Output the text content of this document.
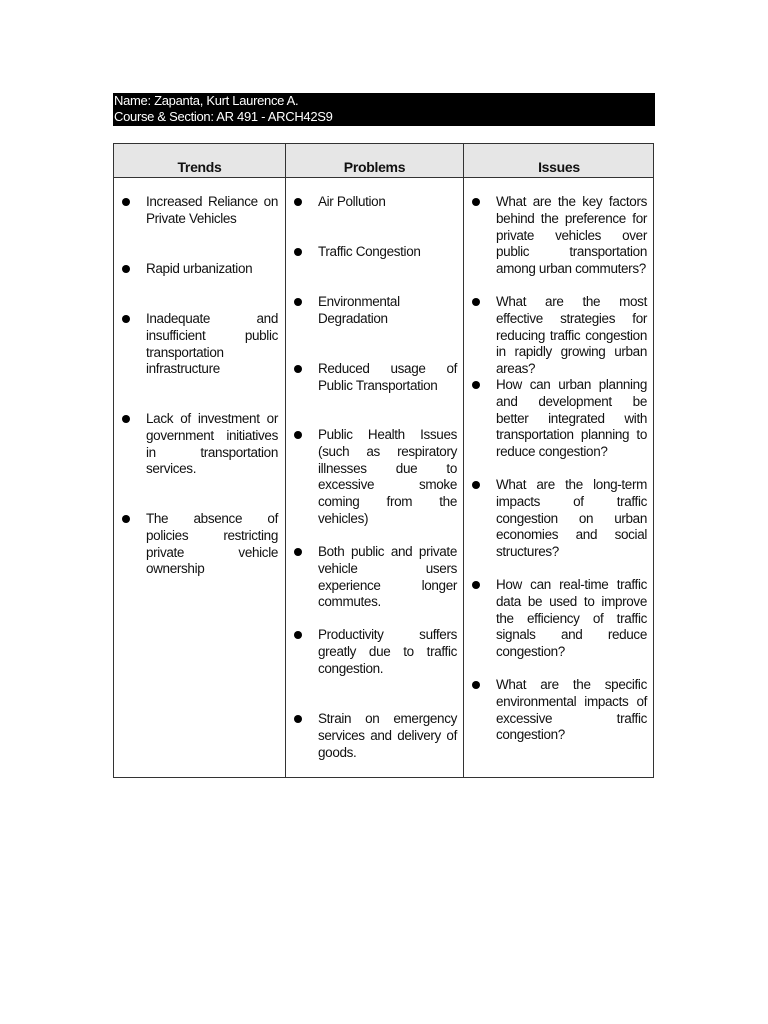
Name: Zapanta, Kurt Laurence A.
Course & Section: AR 491 - ARCH42S9
Trends	Problems	Issues
Increased Reliance on Private Vehicles
Rapid urbanization
Inadequate and insufficient public transportation infrastructure
Lack of investment or government initiatives in transportation services.
The absence of policies restricting private vehicle ownership
Air Pollution
Traffic Congestion
Environmental Degradation
Reduced usage of Public Transportation
Public Health Issues (such as respiratory illnesses due to excessive smoke coming from the vehicles)
Both public and private vehicle users experience longer commutes.
Productivity suffers greatly due to traffic congestion.
Strain on emergency services and delivery of goods.
What are the key factors behind the preference for private vehicles over public transportation among urban commuters?
What are the most effective strategies for reducing traffic congestion in rapidly growing urban areas?
How can urban planning and development be better integrated with transportation planning to reduce congestion?
What are the long-term impacts of traffic congestion on urban economies and social structures?
How can real-time traffic data be used to improve the efficiency of traffic signals and reduce congestion?
What are the specific environmental impacts of excessive traffic congestion?
